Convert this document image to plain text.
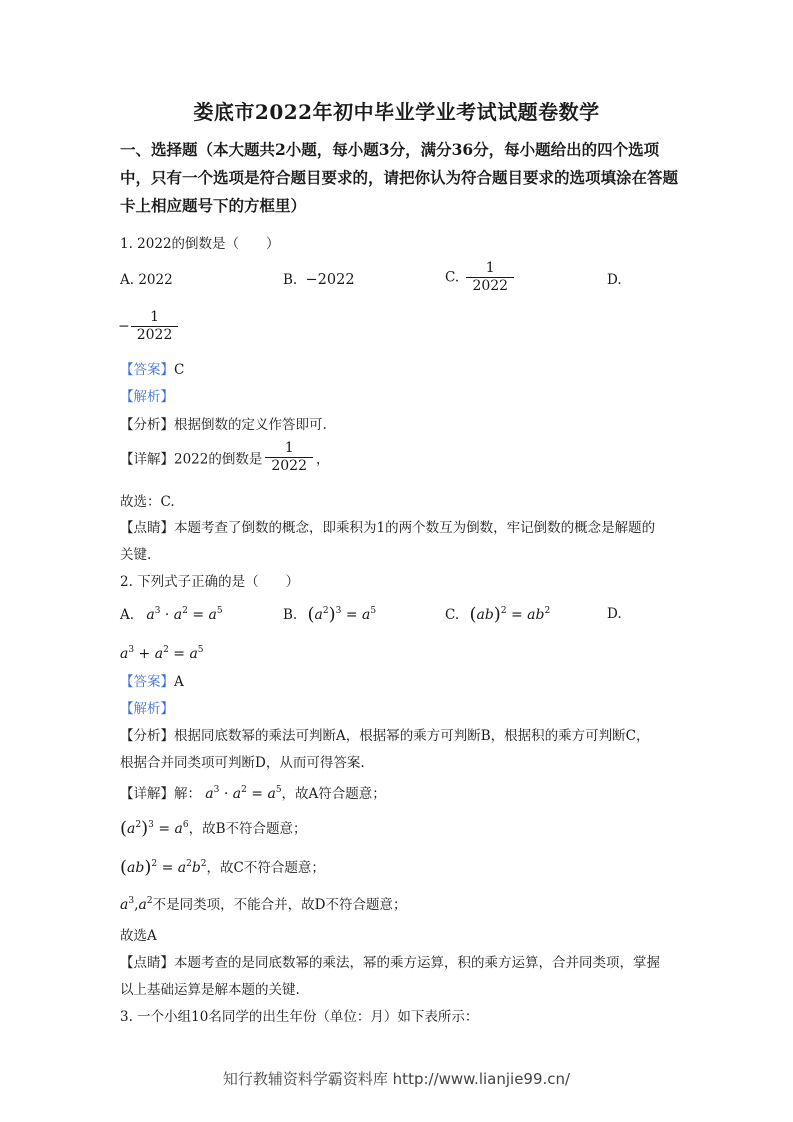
娄底市2022年初中毕业学业考试试题卷数学
一、选择题（本大题共2小题，每小题3分，满分36分，每小题给出的四个选项中，只有一个选项是符合题目要求的，请把你认为符合题目要求的选项填涂在答题卡上相应题号下的方框里）
1. 2022的倒数是（　　）
A. 2022	B. −2022	C. $\frac{1}{2022}$	D.
− $\frac{1}{2022}$
【答案】C
【解析】
【分析】根据倒数的定义作答即可.
【详解】2022的倒数是 $\frac{1}{2022}$ ，
故选：C.
【点睛】本题考查了倒数的概念，即乘积为1的两个数互为倒数，牢记倒数的概念是解题的
关键.
2. 下列式子正确的是（　　）
A. $a^3 \cdot a^2 = a^5$	B. $(a^2)^3 = a^5$	C. $(ab)^2 = ab^2$	D.
$a^3 + a^2 = a^5$
【答案】A
【解析】
【分析】根据同底数幂的乘法可判断A，根据幂的乘方可判断B，根据积的乘方可判断C，
根据合并同类项可判断D，从而可得答案.
【详解】解： $a^3 \cdot a^2 = a^5$，故A符合题意；
$(a^2)^3 = a^6$，故B不符合题意；
$(ab)^2 = a^2b^2$，故C不符合题意；
$a^3,a^2$不是同类项，不能合并，故D不符合题意；
故选A
【点睛】本题考查的是同底数幂的乘法，幂的乘方运算，积的乘方运算，合并同类项，掌握
以上基础运算是解本题的关键.
3. 一个小组10名同学的出生年份（单位：月）如下表所示：
知行教辅资料学霸资料库 http://www.lianjie99.cn/
